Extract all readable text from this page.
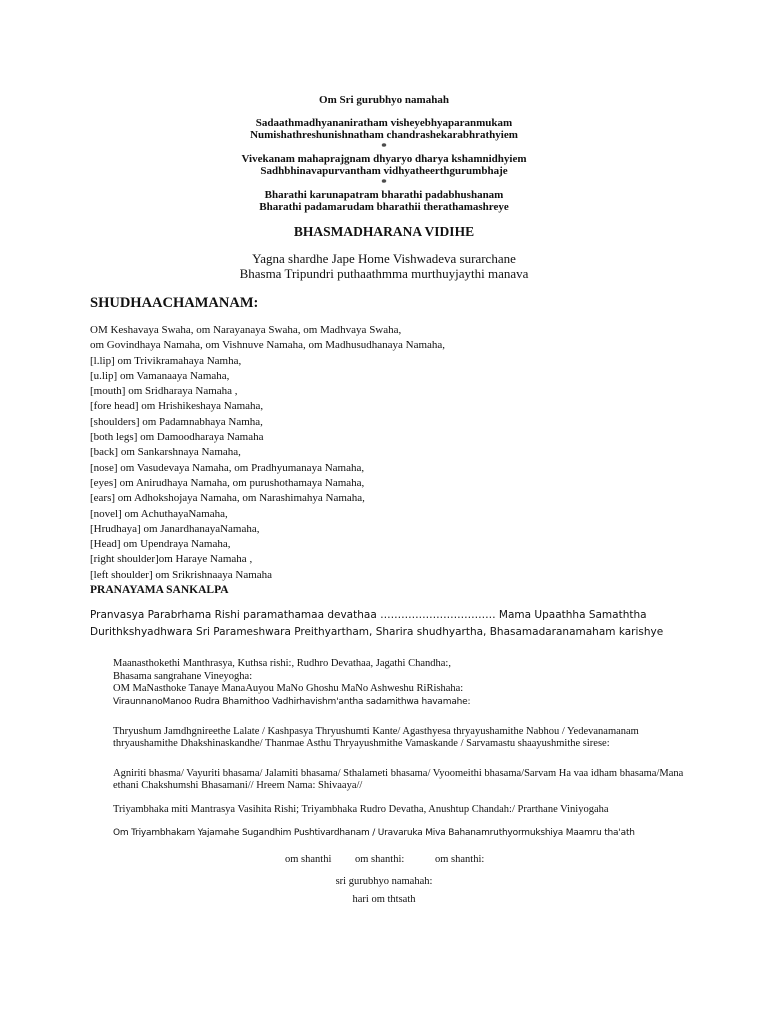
Om Sri gurubhyo namahah
Sadaathmadhyananiratham visheyebhyaparanmukam
Numishathreshunishnatham chandrashekarabhrathyiem
*
Vivekanam mahaprajgnam dhyaryo dharya kshamnidhyiem
Sadhbhinavapurvantham vidhyatheerthgurumbhaje
*
Bharathi karunapatram bharathi padabhushanam
Bharathi padamarudam bharathii therathamashreye
BHASMADHARANA VIDIHE
Yagna shardhe Jape Home Vishwadeva surarchane
Bhasma Tripundri puthaathmma murthuyjaythi manava
SHUDHAACHAMANAM:
OM Keshavaya Swaha, om Narayanaya Swaha, om Madhvaya Swaha,
om Govindhaya Namaha, om Vishnuve Namaha, om Madhusudhanaya Namaha,
[l.lip] om Trivikramahaya Namha,
[u.lip] om Vamanaaya Namaha,
[mouth] om Sridharaya Namaha ,
[fore head] om Hrishikeshaya Namaha,
[shoulders] om Padamnabhaya Namha,
[both legs] om Damoodharaya Namaha
[back] om Sankarshnaya Namaha,
[nose] om Vasudevaya Namaha, om Pradhyumanaya Namaha,
[eyes] om Anirudhaya Namaha, om purushothamaya Namaha,
[ears] om Adhokshojaya Namaha, om Narashimahya Namaha,
[novel] om AchuthayaNamaha,
[Hrudhaya] om JanardhanayaNamaha,
[Head] om Upendraya Namaha,
[right shoulder]om Haraye Namaha ,
[left shoulder] om Srikrishnaaya Namaha
PRANAYAMA SANKALPA
Pranvasya Parabrhama Rishi paramathamaa devathaa …………………………… Mama Upaathha Samaththa
Durithkshyadhwara Sri Parameshwara Preithyartham, Sharira shudhyartha, Bhasamadaranamaham karishye
Maanasthokethi Manthrasya, Kuthsa rishi:, Rudhro Devathaa, Jagathi Chandha:,
Bhasama sangrahane Vineyogha:
OM MaNasthoke Tanaye ManaAuyou MaNo Ghoshu MaNo Ashweshu RiRishaha:
ViraunnanoManoo Rudra Bhamithoo Vadhirhavishm'antha sadamithwa havamahe:
Thryushum Jamdhgnireethe Lalate / Kashpasya Thryushumti Kante/ Agasthyesa thryayushamithe Nabhou / Yedevanamanam
thryaushamithe Dhakshinaskandhe/ Thanmae Asthu Thryayushmithe Vamaskande / Sarvamastu shaayushmithe sirese:
Agniriti bhasma/ Vayuriti bhasama/ Jalamiti bhasama/ Sthalameti bhasama/ Vyoomeithi bhasama/Sarvam Ha vaa idham bhasama/Mana
ethani Chakshumshi Bhasamani// Hreem Nama: Shivaaya//
Triyambhaka miti Mantrasya Vasihita Rishi; Triyambhaka Rudro Devatha, Anushtup Chandah:/ Prarthane Viniyogaha
Om Triyambhakam Yajamahe Sugandhim Pushtivardhanam / Uravaruka Miva Bahanamruthyormukshiya Maamru tha'ath
om shanthi om shanthi:	om shanthi:
sri gurubhyo namahah:
hari om thtsath
